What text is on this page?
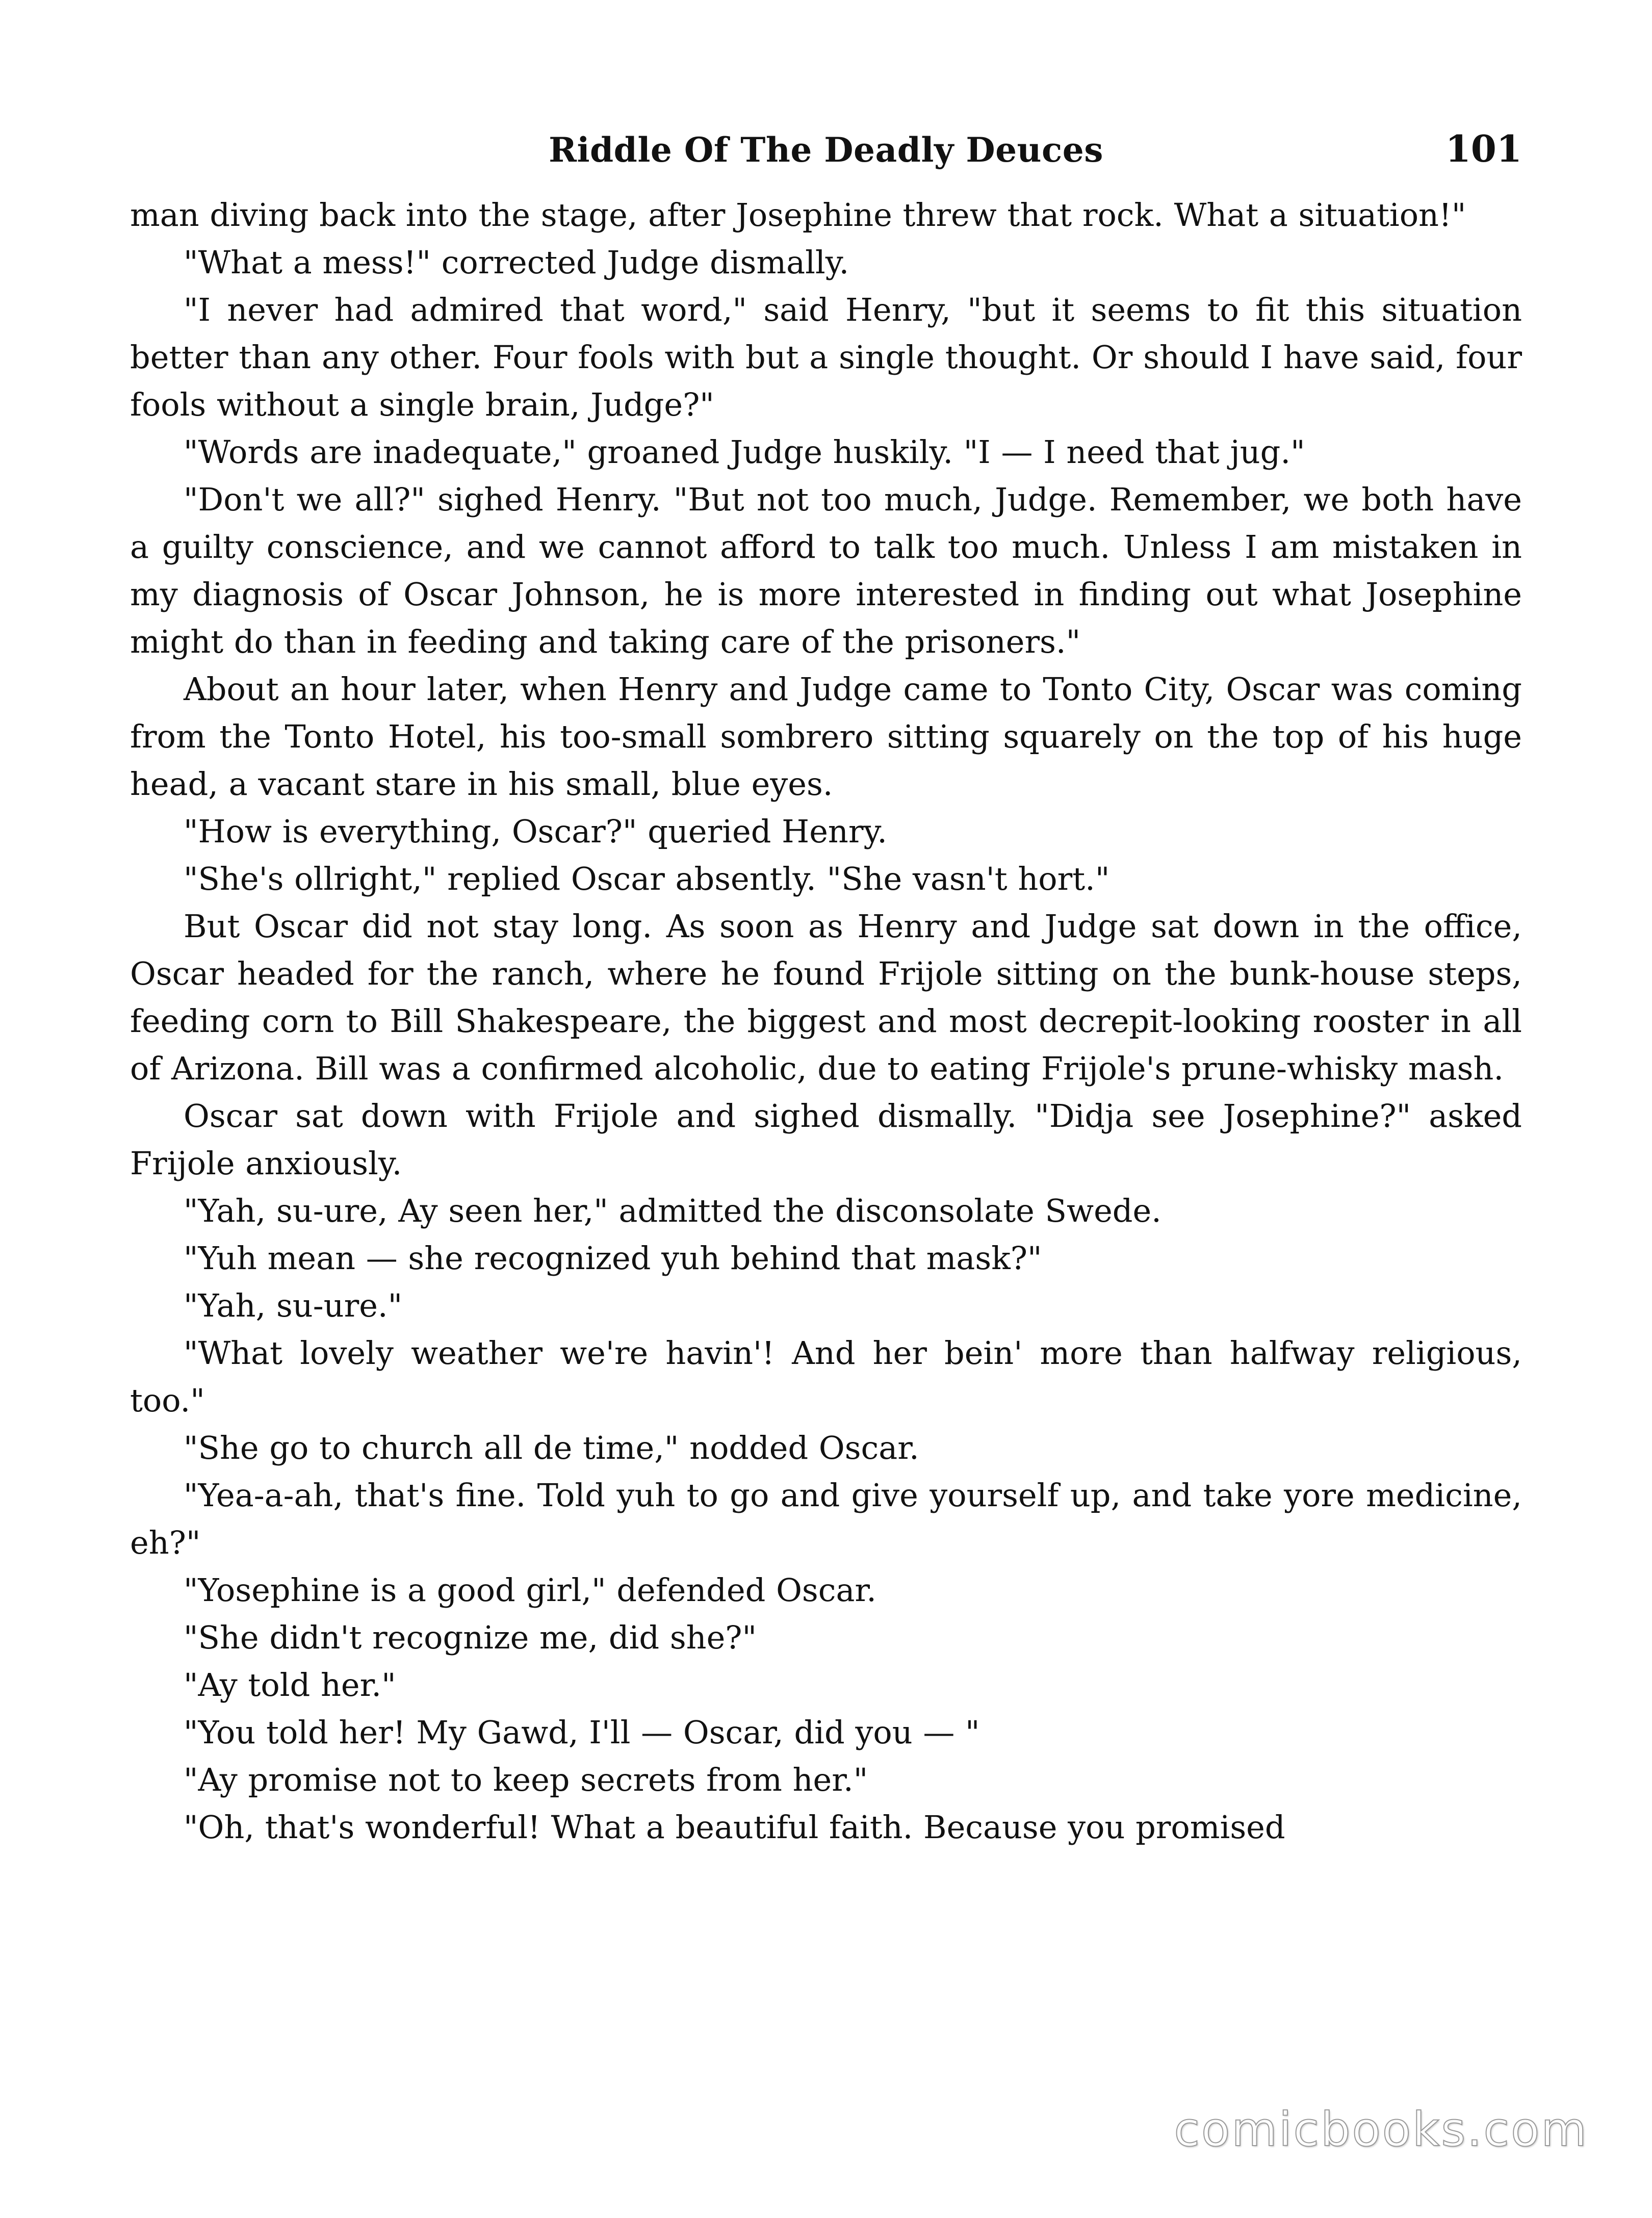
Riddle Of The Deadly Deuces	101

man diving back into the stage, after Josephine threw that rock. What a situation!"

"What a mess!" corrected Judge dismally.

"I never had admired that word," said Henry, "but it seems to fit this situation better than any other. Four fools with but a single thought. Or should I have said, four fools without a single brain, Judge?"

"Words are inadequate," groaned Judge huskily. "I — I need that jug."

"Don't we all?" sighed Henry. "But not too much, Judge. Remember, we both have a guilty conscience, and we cannot afford to talk too much. Unless I am mistaken in my diagnosis of Oscar Johnson, he is more interested in finding out what Josephine might do than in feeding and taking care of the prisoners."

About an hour later, when Henry and Judge came to Tonto City, Oscar was coming from the Tonto Hotel, his too-small sombrero sitting squarely on the top of his huge head, a vacant stare in his small, blue eyes.

"How is everything, Oscar?" queried Henry.

"She's ollright," replied Oscar absently. "She vasn't hort."

But Oscar did not stay long. As soon as Henry and Judge sat down in the office, Oscar headed for the ranch, where he found Frijole sitting on the bunk-house steps, feeding corn to Bill Shakespeare, the biggest and most decrepit-looking rooster in all of Arizona. Bill was a confirmed alcoholic, due to eating Frijole's prune-whisky mash.

Oscar sat down with Frijole and sighed dismally. "Didja see Josephine?" asked Frijole anxiously.

"Yah, su-ure, Ay seen her," admitted the disconsolate Swede.

"Yuh mean — she recognized yuh behind that mask?"

"Yah, su-ure."

"What lovely weather we're havin'! And her bein' more than halfway religious, too."

"She go to church all de time," nodded Oscar.

"Yea-a-ah, that's fine. Told yuh to go and give yourself up, and take yore medicine, eh?"

"Yosephine is a good girl," defended Oscar.

"She didn't recognize me, did she?"

"Ay told her."

"You told her! My Gawd, I'll — Oscar, did you — "

"Ay promise not to keep secrets from her."

"Oh, that's wonderful! What a beautiful faith. Because you promised

comicbooks.com
